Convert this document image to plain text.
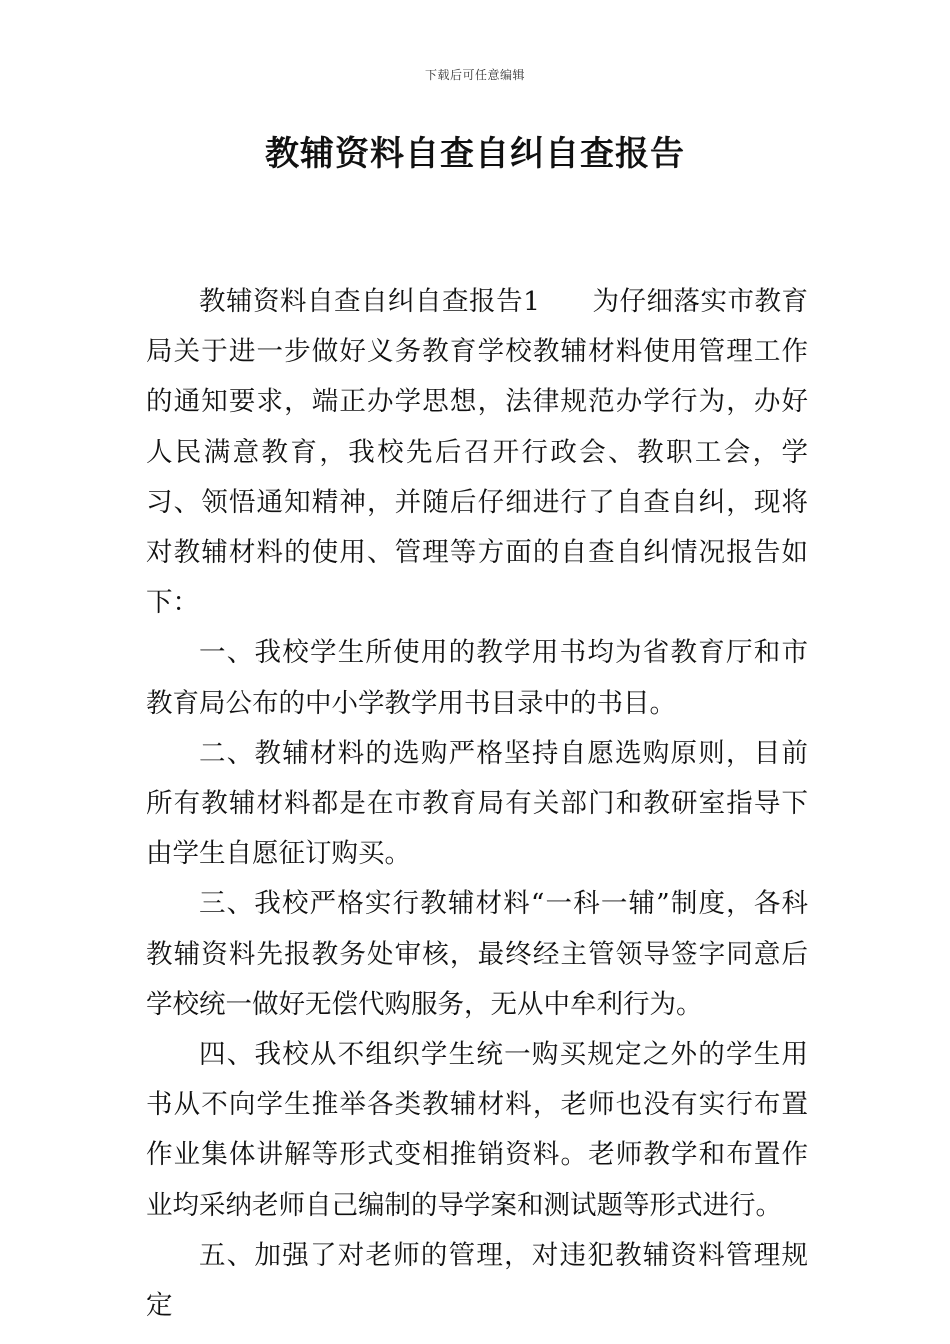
下载后可任意编辑
教辅资料自查自纠自查报告

教辅资料自查自纠自查报告1 为仔细落实市教育局关于进一步做好义务教育学校教辅材料使用管理工作的通知要求，端正办学思想，法律规范办学行为，办好人民满意教育，我校先后召开行政会、教职工会，学习、领悟通知精神，并随后仔细进行了自查自纠，现将对教辅材料的使用、管理等方面的自查自纠情况报告如下：

一、我校学生所使用的教学用书均为省教育厅和市教育局公布的中小学教学用书目录中的书目。

二、教辅材料的选购严格坚持自愿选购原则，目前所有教辅材料都是在市教育局有关部门和教研室指导下由学生自愿征订购买。

三、我校严格实行教辅材料“一科一辅”制度，各科教辅资料先报教务处审核，最终经主管领导签字同意后学校统一做好无偿代购服务，无从中牟利行为。

四、我校从不组织学生统一购买规定之外的学生用书从不向学生推举各类教辅材料，老师也没有实行布置作业集体讲解等形式变相推销资料。老师教学和布置作业均采纳老师自己编制的导学案和测试题等形式进行。

五、加强了对老师的管理，对违犯教辅资料管理规定
